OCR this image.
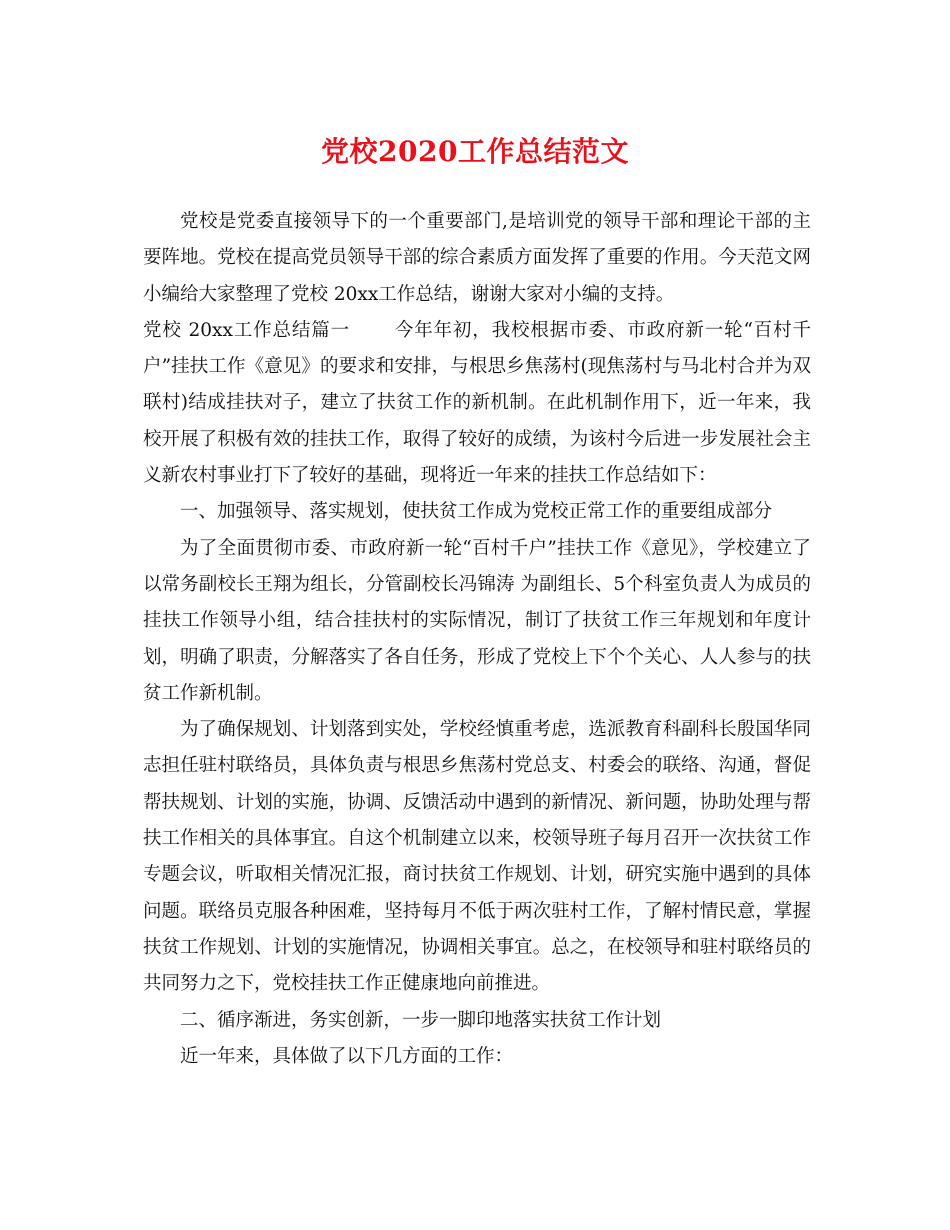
党校2020工作总结范文

党校是党委直接领导下的一个重要部门,是培训党的领导干部和理论干部的主要阵地。党校在提高党员领导干部的综合素质方面发挥了重要的作用。今天范文网小编给大家整理了党校 20xx工作总结，谢谢大家对小编的支持。

党校 20xx工作总结篇一 今年年初，我校根据市委、市政府新一轮“百村千户”挂扶工作《意见》的要求和安排，与根思乡焦荡村(现焦荡村与马北村合并为双联村)结成挂扶对子，建立了扶贫工作的新机制。在此机制作用下，近一年来，我校开展了积极有效的挂扶工作，取得了较好的成绩，为该村今后进一步发展社会主义新农村事业打下了较好的基础，现将近一年来的挂扶工作总结如下：

一、加强领导、落实规划，使扶贫工作成为党校正常工作的重要组成部分

为了全面贯彻市委、市政府新一轮“百村千户”挂扶工作《意见》，学校建立了以常务副校长王翔为组长，分管副校长冯锦涛 为副组长、5个科室负责人为成员的挂扶工作领导小组，结合挂扶村的实际情况，制订了扶贫工作三年规划和年度计划，明确了职责，分解落实了各自任务，形成了党校上下个个关心、人人参与的扶贫工作新机制。

为了确保规划、计划落到实处，学校经慎重考虑，选派教育科副科长殷国华同志担任驻村联络员，具体负责与根思乡焦荡村党总支、村委会的联络、沟通，督促帮扶规划、计划的实施，协调、反馈活动中遇到的新情况、新问题，协助处理与帮扶工作相关的具体事宜。自这个机制建立以来，校领导班子每月召开一次扶贫工作专题会议，听取相关情况汇报，商讨扶贫工作规划、计划，研究实施中遇到的具体问题。联络员克服各种困难，坚持每月不低于两次驻村工作，了解村情民意，掌握扶贫工作规划、计划的实施情况，协调相关事宜。总之，在校领导和驻村联络员的共同努力之下，党校挂扶工作正健康地向前推进。

二、循序渐进，务实创新，一步一脚印地落实扶贫工作计划

近一年来，具体做了以下几方面的工作：
